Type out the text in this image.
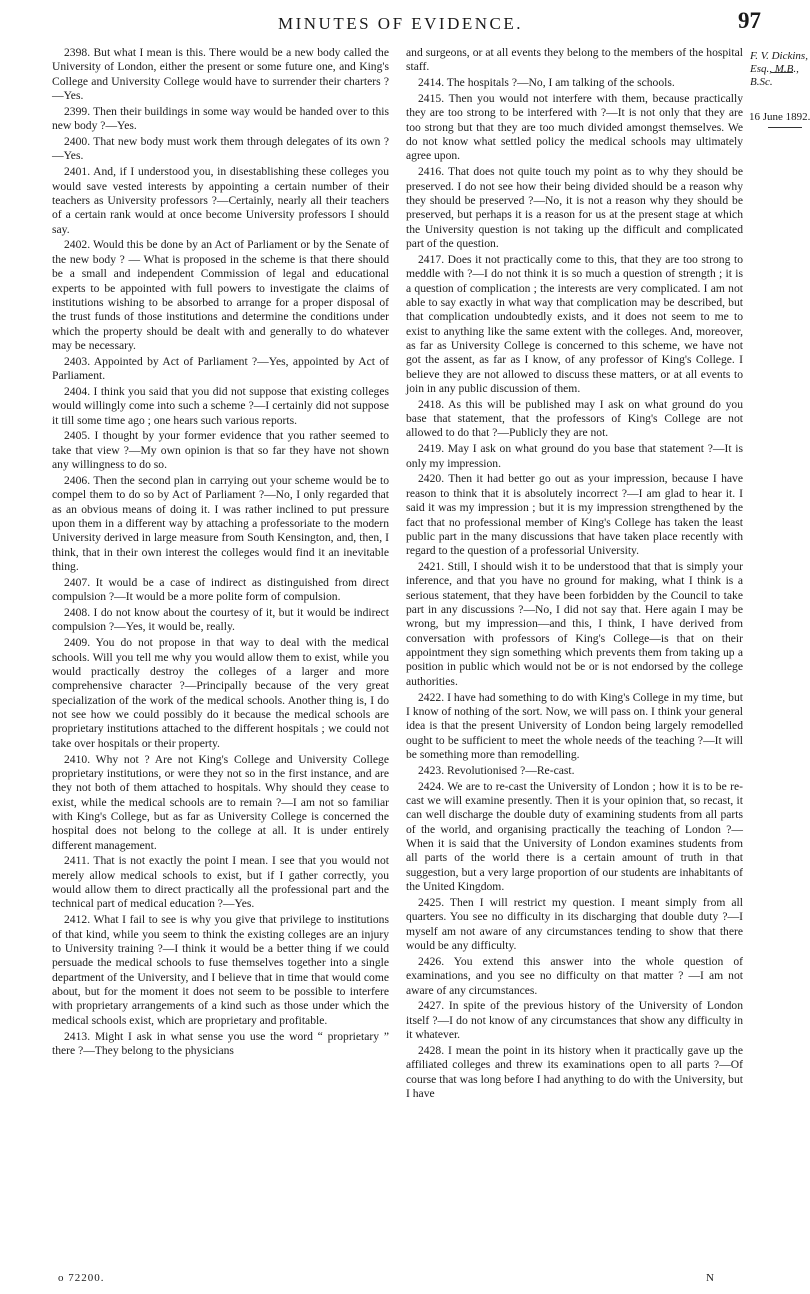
MINUTES OF EVIDENCE.	97

2398. But what I mean is this. There would be a new body called the University of London, either the present or some future one, and King's College and University College would have to surrender their charters ?—Yes.

2399. Then their buildings in some way would be handed over to this new body ?—Yes.

2400. That new body must work them through delegates of its own ?—Yes.

2401. And, if I understood you, in disestablishing these colleges you would save vested interests by appointing a certain number of their teachers as University professors ?—Certainly, nearly all their teachers of a certain rank would at once become University professors I should say.

2402. Would this be done by an Act of Parliament or by the Senate of the new body ? — What is proposed in the scheme is that there should be a small and independent Commission of legal and educational experts to be appointed with full powers to investigate the claims of institutions wishing to be absorbed to arrange for a proper disposal of the trust funds of those institutions and determine the conditions under which the property should be dealt with and generally to do whatever may be necessary.

2403. Appointed by Act of Parliament ?—Yes, appointed by Act of Parliament.

2404. I think you said that you did not suppose that existing colleges would willingly come into such a scheme ?—I certainly did not suppose it till some time ago ; one hears such various reports.

2405. I thought by your former evidence that you rather seemed to take that view ?—My own opinion is that so far they have not shown any willingness to do so.

2406. Then the second plan in carrying out your scheme would be to compel them to do so by Act of Parliament ?—No, I only regarded that as an obvious means of doing it. I was rather inclined to put pressure upon them in a different way by attaching a professoriate to the modern University derived in large measure from South Kensington, and, then, I think, that in their own interest the colleges would find it an inevitable thing.

2407. It would be a case of indirect as distinguished from direct compulsion ?—It would be a more polite form of compulsion.

2408. I do not know about the courtesy of it, but it would be indirect compulsion ?—Yes, it would be, really.

2409. You do not propose in that way to deal with the medical schools. Will you tell me why you would allow them to exist, while you would practically destroy the colleges of a larger and more comprehensive character ?—Principally because of the very great specialization of the work of the medical schools. Another thing is, I do not see how we could possibly do it because the medical schools are proprietary institutions attached to the different hospitals ; we could not take over hospitals or their property.

2410. Why not ? Are not King's College and University College proprietary institutions, or were they not so in the first instance, and are they not both of them attached to hospitals. Why should they cease to exist, while the medical schools are to remain ?—I am not so familiar with King's College, but as far as University College is concerned the hospital does not belong to the college at all. It is under entirely different management.

2411. That is not exactly the point I mean. I see that you would not merely allow medical schools to exist, but if I gather correctly, you would allow them to direct practically all the professional part and the technical part of medical education ?—Yes.

2412. What I fail to see is why you give that privilege to institutions of that kind, while you seem to think the existing colleges are an injury to University training ?—I think it would be a better thing if we could persuade the medical schools to fuse themselves together into a single department of the University, and I believe that in time that would come about, but for the moment it does not seem to be possible to interfere with proprietary arrangements of a kind such as those under which the medical schools exist, which are proprietary and profitable.

2413. Might I ask in what sense you use the word “ proprietary ” there ?—They belong to the physicians

and surgeons, or at all events they belong to the members of the hospital staff.

2414. The hospitals ?—No, I am talking of the schools.

2415. Then you would not interfere with them, because practically they are too strong to be interfered with ?—It is not only that they are too strong but that they are too much divided amongst themselves. We do not know what settled policy the medical schools may ultimately agree upon.

2416. That does not quite touch my point as to why they should be preserved. I do not see how their being divided should be a reason why they should be preserved ?—No, it is not a reason why they should be preserved, but perhaps it is a reason for us at the present stage at which the University question is not taking up the difficult and complicated part of the question.

2417. Does it not practically come to this, that they are too strong to meddle with ?—I do not think it is so much a question of strength ; it is a question of complication ; the interests are very complicated. I am not able to say exactly in what way that complication may be described, but that complication undoubtedly exists, and it does not seem to me to exist to anything like the same extent with the colleges. And, moreover, as far as University College is concerned to this scheme, we have not got the assent, as far as I know, of any professor of King's College. I believe they are not allowed to discuss these matters, or at all events to join in any public discussion of them.

2418. As this will be published may I ask on what ground do you base that statement, that the professors of King's College are not allowed to do that ?—Publicly they are not.

2419. May I ask on what ground do you base that statement ?—It is only my impression.

2420. Then it had better go out as your impression, because I have reason to think that it is absolutely incorrect ?—I am glad to hear it. I said it was my impression ; but it is my impression strengthened by the fact that no professional member of King's College has taken the least public part in the many discussions that have taken place recently with regard to the question of a professorial University.

2421. Still, I should wish it to be understood that that is simply your inference, and that you have no ground for making, what I think is a serious statement, that they have been forbidden by the Council to take part in any discussions ?—No, I did not say that. Here again I may be wrong, but my impression—and this, I think, I have derived from conversation with professors of King's College—is that on their appointment they sign something which prevents them from taking up a position in public which would not be or is not endorsed by the college authorities.

2422. I have had something to do with King's College in my time, but I know of nothing of the sort. Now, we will pass on. I think your general idea is that the present University of London being largely remodelled ought to be sufficient to meet the whole needs of the teaching ?—It will be something more than remodelling.

2423. Revolutionised ?—Re-cast.

2424. We are to re-cast the University of London ; how it is to be re-cast we will examine presently. Then it is your opinion that, so recast, it can well discharge the double duty of examining students from all parts of the world, and organising practically the teaching of London ?—When it is said that the University of London examines students from all parts of the world there is a certain amount of truth in that suggestion, but a very large proportion of our students are inhabitants of the United Kingdom.

2425. Then I will restrict my question. I meant simply from all quarters. You see no difficulty in its discharging that double duty ?—I myself am not aware of any circumstances tending to show that there would be any difficulty.

2426. You extend this answer into the whole question of examinations, and you see no difficulty on that matter ? —I am not aware of any circumstances.

2427. In spite of the previous history of the University of London itself ?—I do not know of any circumstances that show any difficulty in it whatever.

2428. I mean the point in its history when it practically gave up the affiliated colleges and threw its examinations open to all parts ?—Of course that was long before I had anything to do with the University, but I have

F. V. Dickins,
Esq., M.B.,
B.Sc.
16 June 1892.
o 72200.	N
